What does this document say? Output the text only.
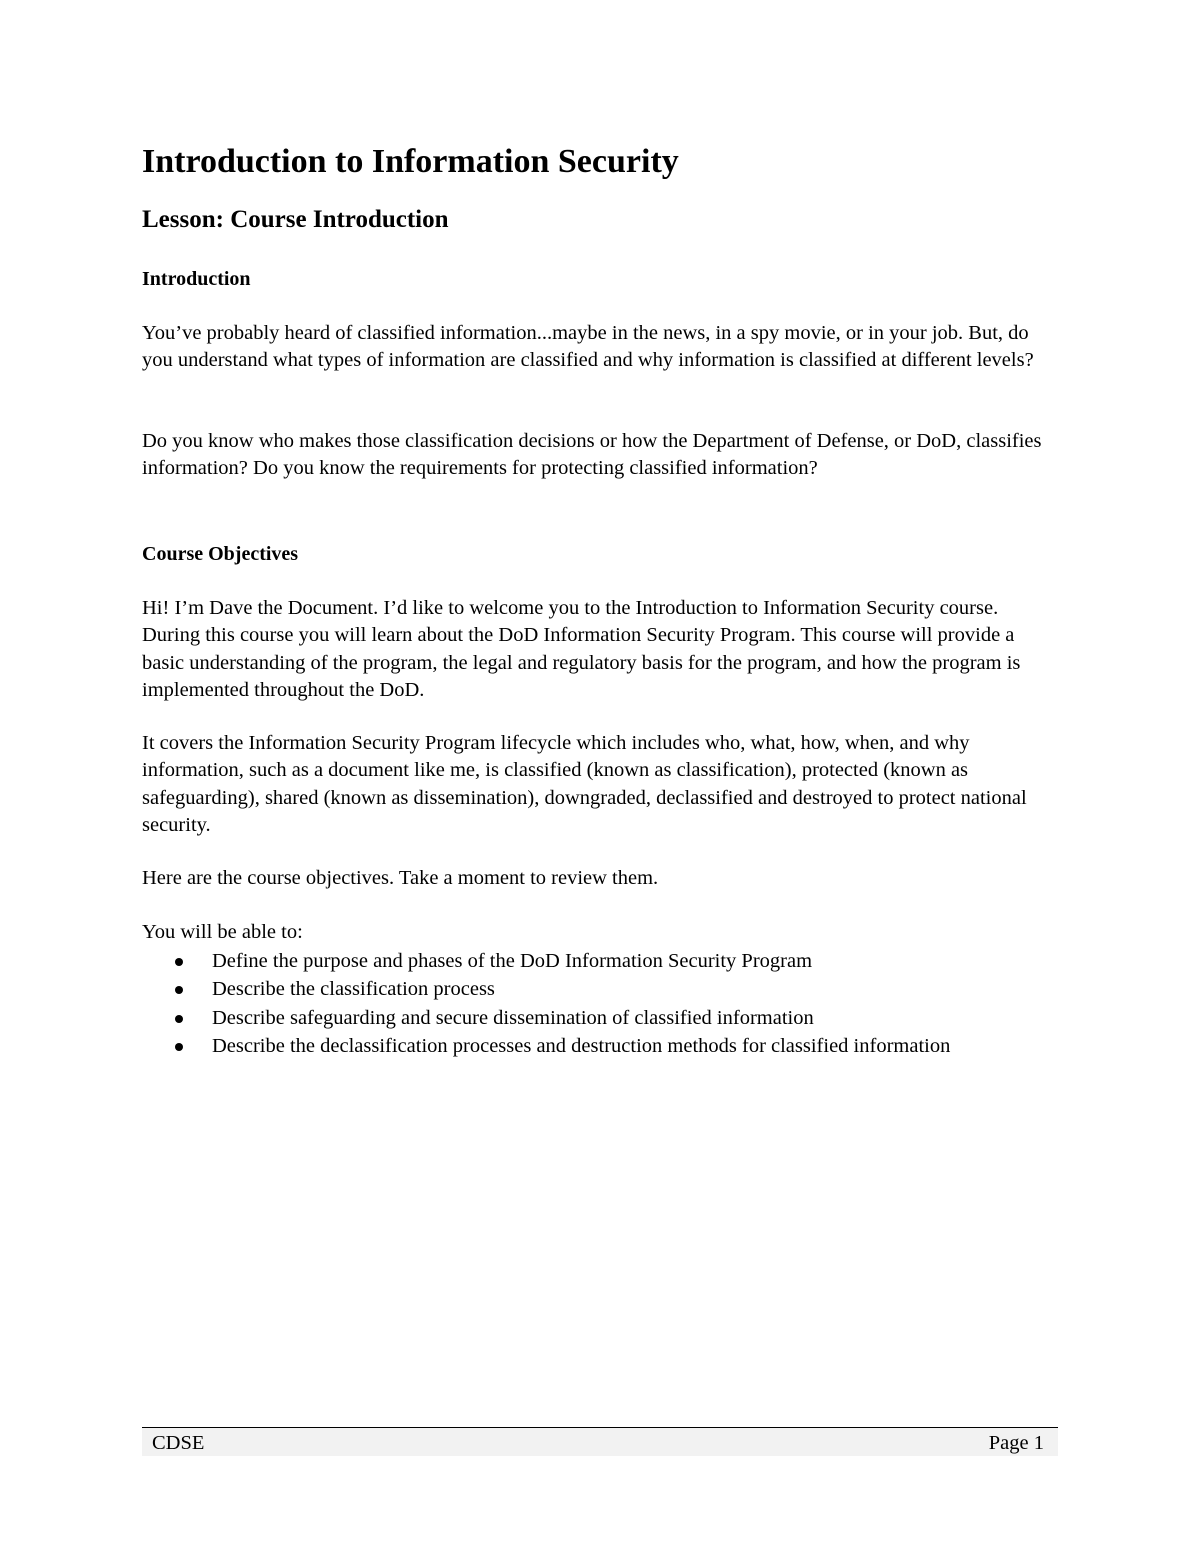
Introduction to Information Security
Lesson: Course Introduction
Introduction

You’ve probably heard of classified information...maybe in the news, in a spy movie, or in your job. But, do you understand what types of information are classified and why information is classified at different levels?

Do you know who makes those classification decisions or how the Department of Defense, or DoD, classifies information? Do you know the requirements for protecting classified information?

Course Objectives

Hi! I’m Dave the Document. I’d like to welcome you to the Introduction to Information Security course. During this course you will learn about the DoD Information Security Program. This course will provide a basic understanding of the program, the legal and regulatory basis for the program, and how the program is implemented throughout the DoD.

It covers the Information Security Program lifecycle which includes who, what, how, when, and why information, such as a document like me, is classified (known as classification), protected (known as safeguarding), shared (known as dissemination), downgraded, declassified and destroyed to protect national security.

Here are the course objectives. Take a moment to review them.

You will be able to:

Define the purpose and phases of the DoD Information Security Program
Describe the classification process
Describe safeguarding and secure dissemination of classified information
Describe the declassification processes and destruction methods for classified information
CDSE	Page 1
